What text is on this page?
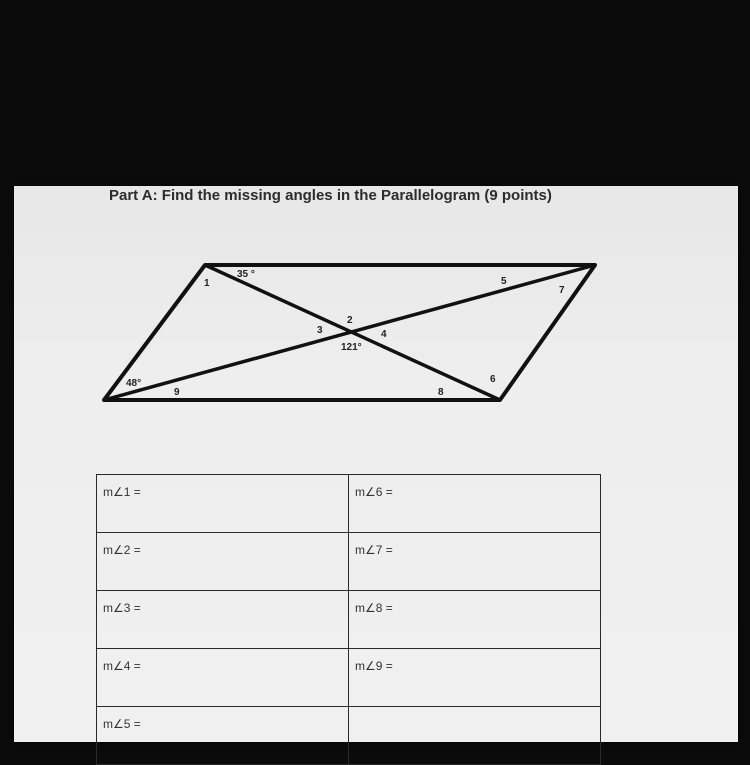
Part A: Find the missing angles in the Parallelogram (9 points)
35 °
1	5
7
2
3	4
121°
48°
9
6
8
m∠1 =	m∠6 =
m∠2 =	m∠7 =
m∠3 =	m∠8 =
m∠4 =	m∠9 =
m∠5 =	
